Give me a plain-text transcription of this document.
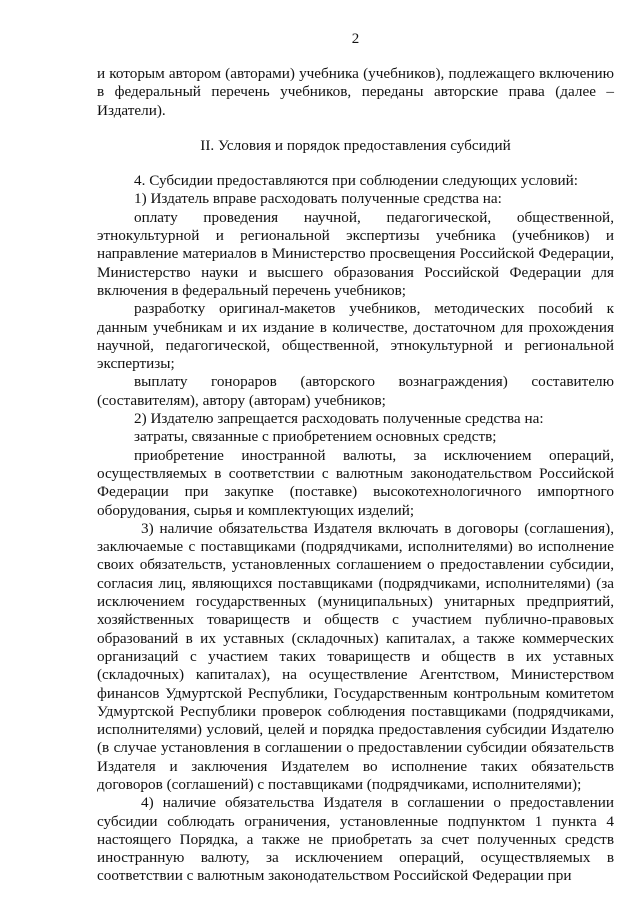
2

и которым автором (авторами) учебника (учебников), подлежащего включению в федеральный перечень учебников, переданы авторские права (далее – Издатели).

II. Условия и порядок предоставления субсидий

4. Субсидии предоставляются при соблюдении следующих условий:

1) Издатель вправе расходовать полученные средства на:

оплату проведения научной, педагогической, общественной, этнокультурной и региональной экспертизы учебника (учебников) и направление материалов в Министерство просвещения Российской Федерации, Министерство науки и высшего образования Российской Федерации для включения в федеральный перечень учебников;

разработку оригинал-макетов учебников, методических пособий к данным учебникам и их издание в количестве, достаточном для прохождения научной, педагогической, общественной, этнокультурной и региональной экспертизы;

выплату гонораров (авторского вознаграждения) составителю (составителям), автору (авторам) учебников;

2) Издателю запрещается расходовать полученные средства на:

затраты, связанные с приобретением основных средств;

приобретение иностранной валюты, за исключением операций, осуществляемых в соответствии с валютным законодательством Российской Федерации при закупке (поставке) высокотехнологичного импортного оборудования, сырья и комплектующих изделий;

3) наличие обязательства Издателя включать в договоры (соглашения), заключаемые с поставщиками (подрядчиками, исполнителями) во исполнение своих обязательств, установленных соглашением о предоставлении субсидии, согласия лиц, являющихся поставщиками (подрядчиками, исполнителями) (за исключением государственных (муниципальных) унитарных предприятий, хозяйственных товариществ и обществ с участием публично-правовых образований в их уставных (складочных) капиталах, а также коммерческих организаций с участием таких товариществ и обществ в их уставных (складочных) капиталах), на осуществление Агентством, Министерством финансов Удмуртской Республики, Государственным контрольным комитетом Удмуртской Республики проверок соблюдения поставщиками (подрядчиками, исполнителями) условий, целей и порядка предоставления субсидии Издателю (в случае установления в соглашении о предоставлении субсидии обязательств Издателя и заключения Издателем во исполнение таких обязательств договоров (соглашений) с поставщиками (подрядчиками, исполнителями);

4) наличие обязательства Издателя в соглашении о предоставлении субсидии соблюдать ограничения, установленные подпунктом 1 пункта 4 настоящего Порядка, а также не приобретать за счет полученных средств иностранную валюту, за исключением операций, осуществляемых в соответствии с валютным законодательством Российской Федерации при
